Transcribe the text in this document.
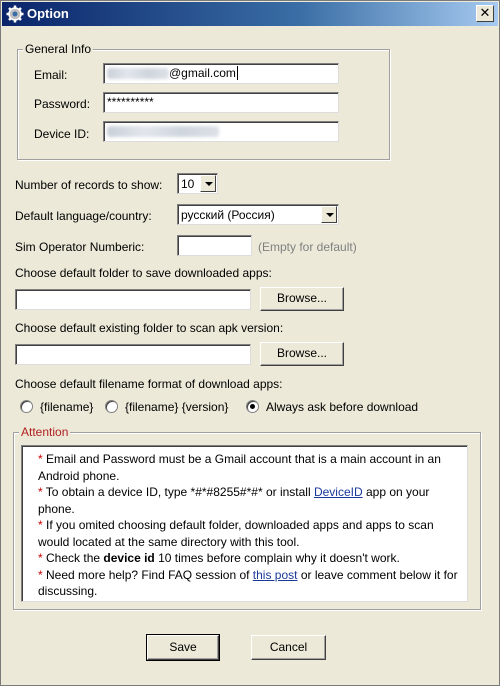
Option	✕
General Info
Email:	@gmail.com
Password:	**********
Device ID:
Number of records to show: 10
Default language/country: русский (Россия)
Sim Operator Numberic:	(Empty for default)
Choose default folder to save downloaded apps:
Browse...
Choose default existing folder to scan apk version:
Browse...
Choose default filename format of download apps:
{filename}	{filename} {version}	Always ask before download
Attention

* Email and Password must be a Gmail account that is a main account in an Android phone.

* To obtain a device ID, type *#*#8255#*#* or install DeviceID app on your phone.

* If you omited choosing default folder, downloaded apps and apps to scan would located at the same directory with this tool.

* Check the device id 10 times before complain why it doesn't work.

* Need more help? Find FAQ session of this post or leave comment below it for discussing.

Save	Cancel
